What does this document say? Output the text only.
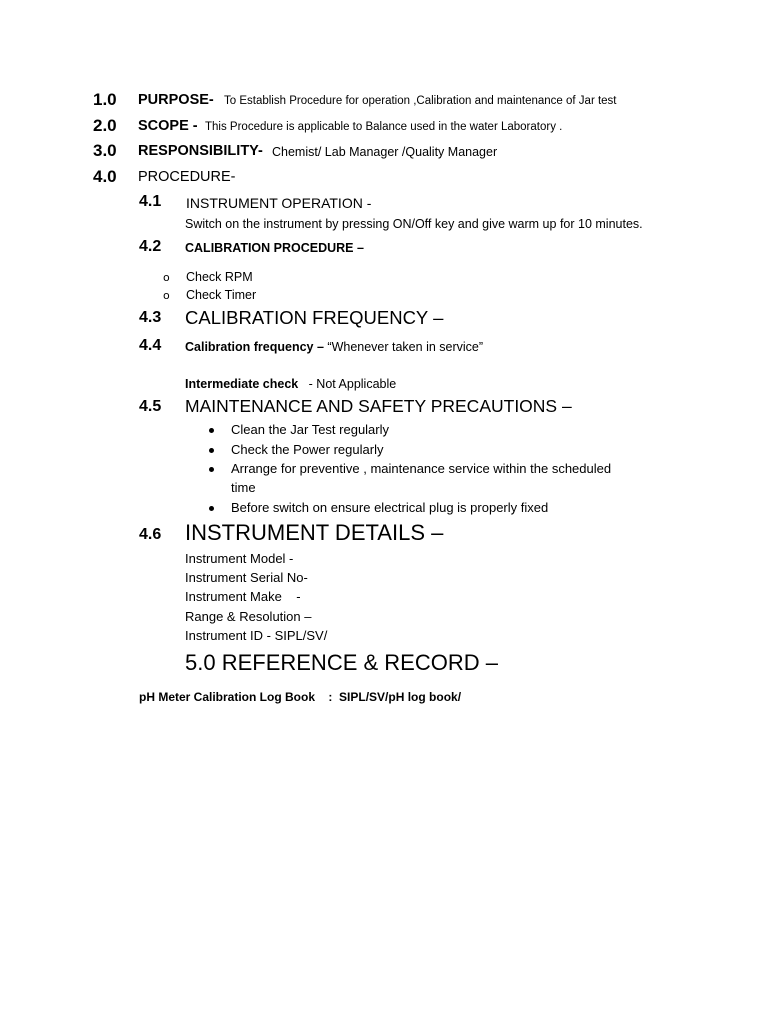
1.0 PURPOSE- To Establish Procedure for operation ,Calibration and maintenance of Jar test
2.0 SCOPE - This Procedure is applicable to Balance used in the water Laboratory .
3.0 RESPONSIBILITY- Chemist/ Lab Manager /Quality Manager
4.0 PROCEDURE-
4.1 INSTRUMENT OPERATION -
Switch on the instrument by pressing ON/Off key and give warm up for 10 minutes.
4.2 CALIBRATION PROCEDURE –
o Check RPM
o Check Timer
4.3 CALIBRATION FREQUENCY –
4.4 Calibration frequency – “Whenever taken in service”
Intermediate check - Not Applicable
4.5 MAINTENANCE AND SAFETY PRECAUTIONS –
Clean the Jar Test regularly
Check the Power regularly
Arrange for preventive , maintenance service within the scheduled
time
Before switch on ensure electrical plug is properly fixed
4.6 INSTRUMENT DETAILS –
Instrument Model -
Instrument Serial No-
Instrument Make    -
Range & Resolution –
Instrument ID - SIPL/SV/
5.0 REFERENCE & RECORD –
pH Meter Calibration Log Book :  SIPL/SV/pH log book/
